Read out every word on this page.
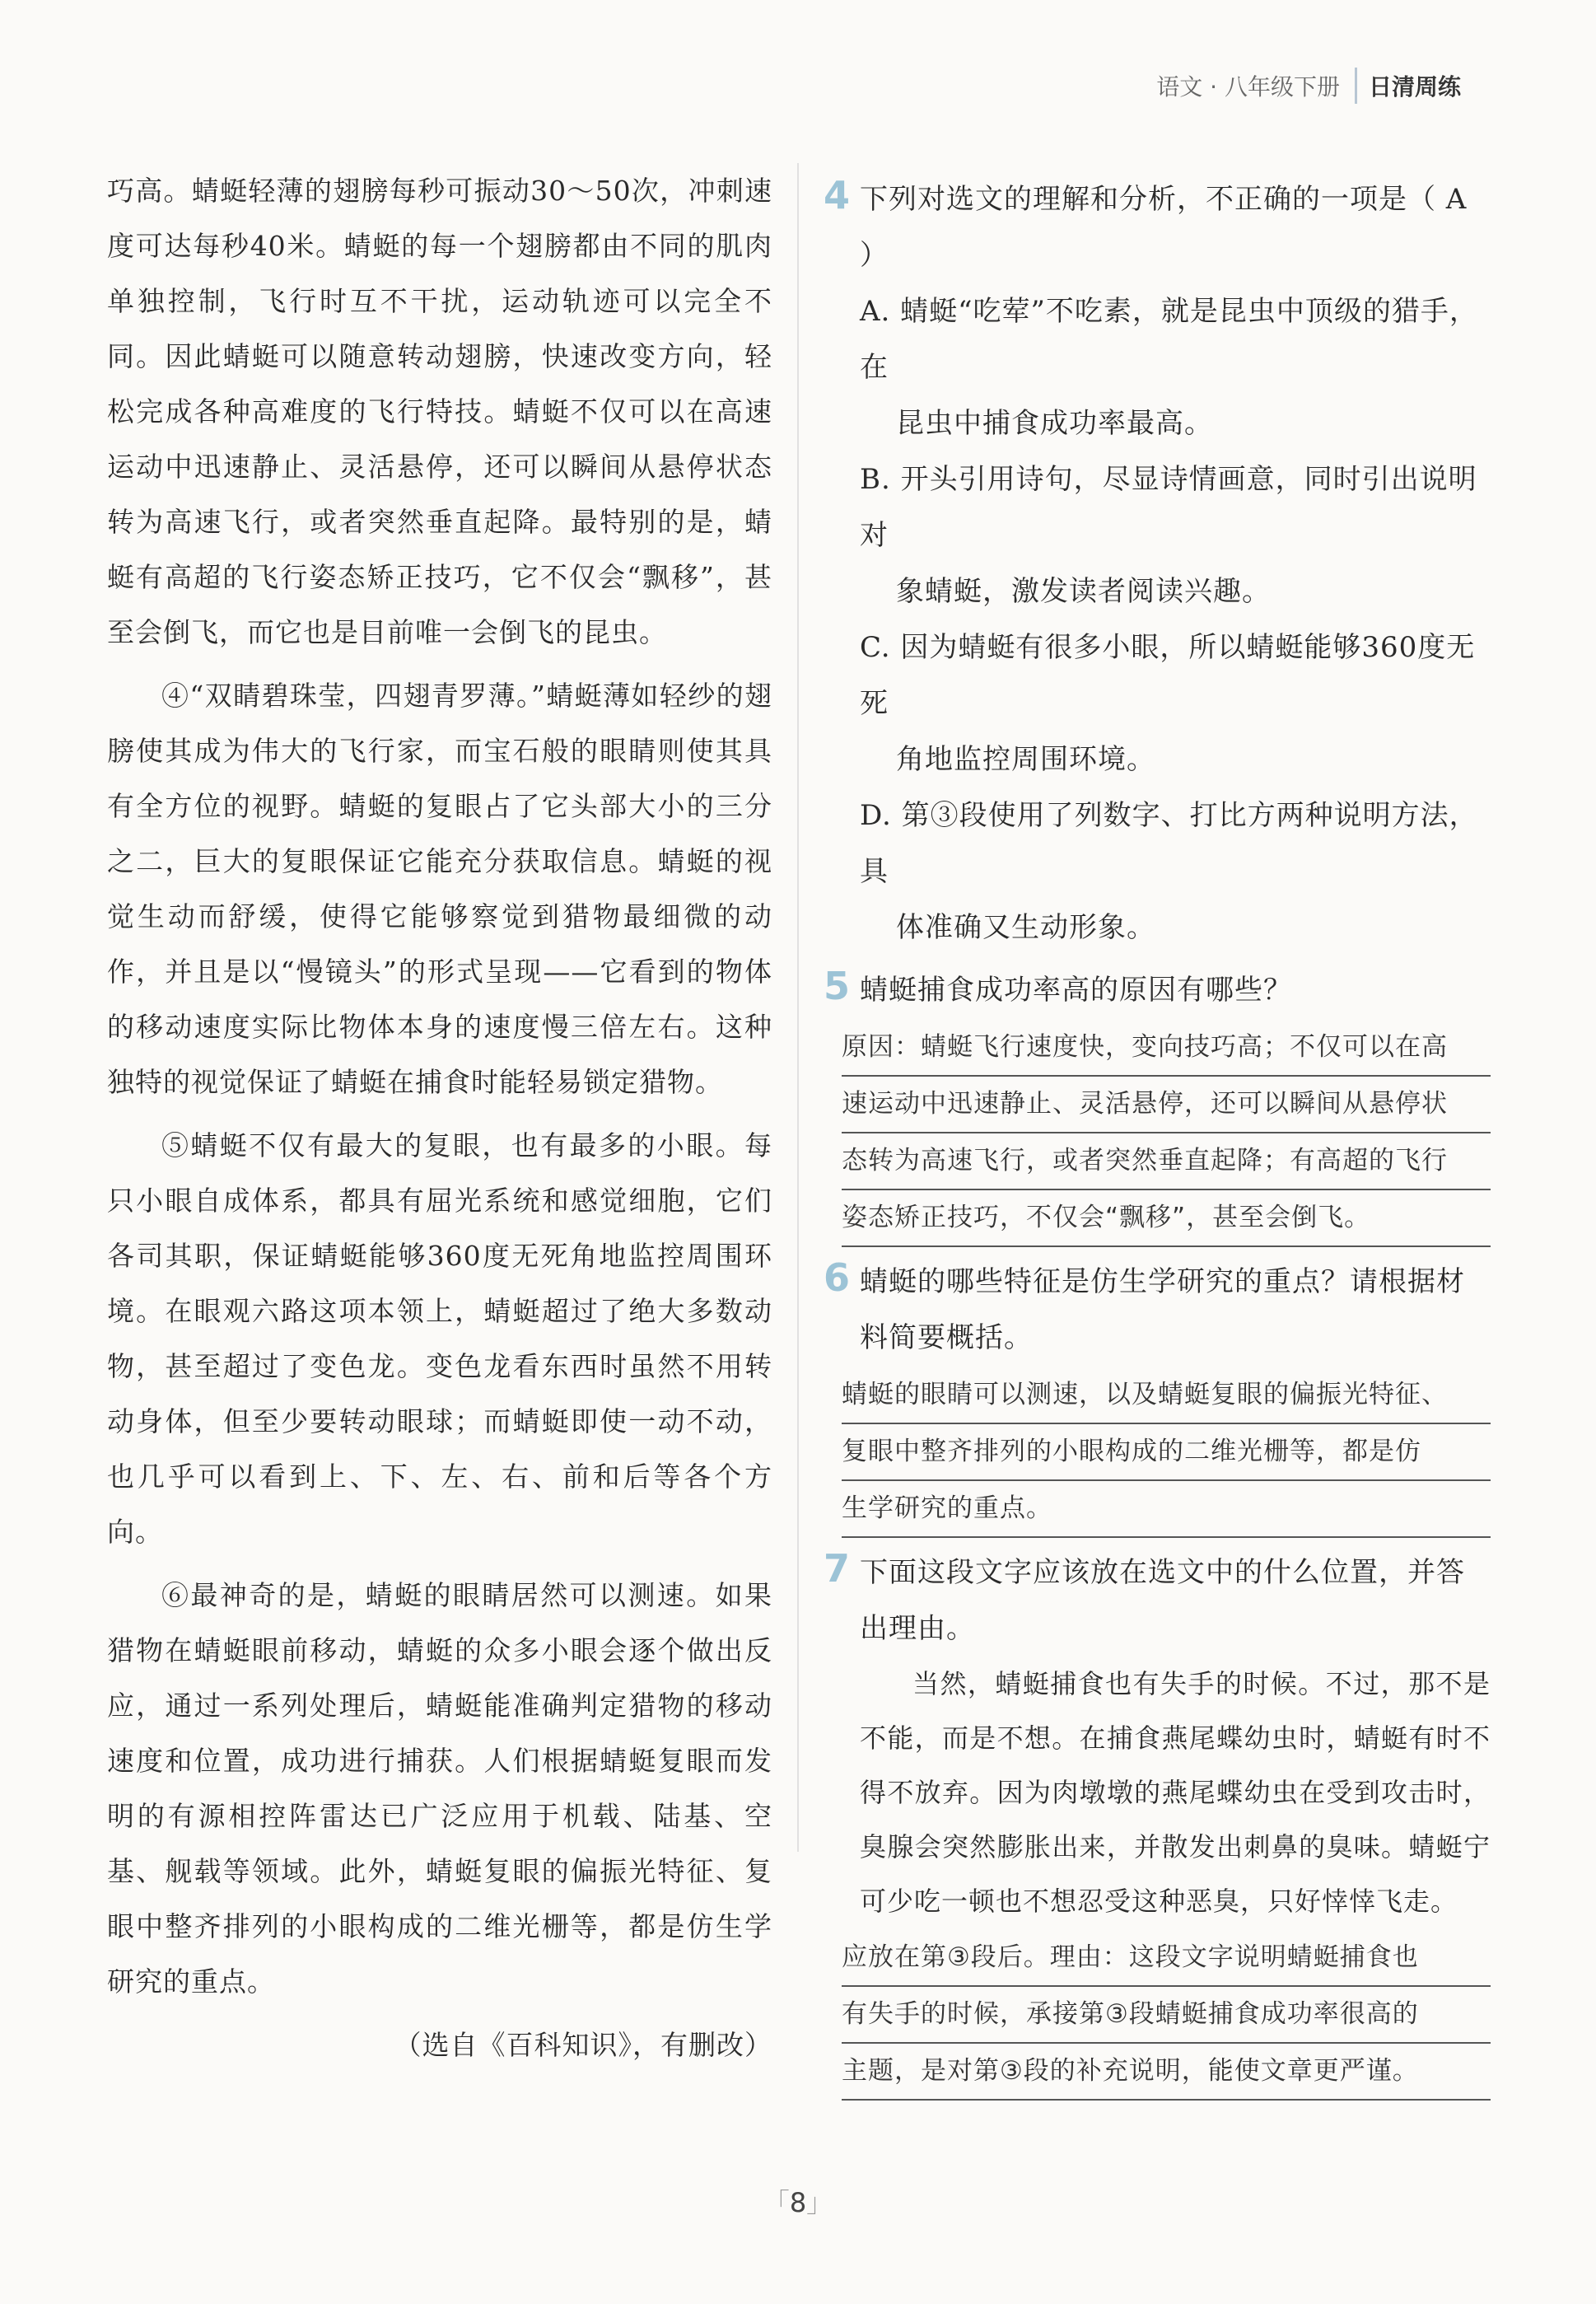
语文 · 八年级下册	日清周练

巧高。蜻蜓轻薄的翅膀每秒可振动30～50次，冲刺速度可达每秒40米。蜻蜓的每一个翅膀都由不同的肌肉单独控制，飞行时互不干扰，运动轨迹可以完全不同。因此蜻蜓可以随意转动翅膀，快速改变方向，轻松完成各种高难度的飞行特技。蜻蜓不仅可以在高速运动中迅速静止、灵活悬停，还可以瞬间从悬停状态转为高速飞行，或者突然垂直起降。最特别的是，蜻蜓有高超的飞行姿态矫正技巧，它不仅会“飘移”，甚至会倒飞，而它也是目前唯一会倒飞的昆虫。

④“双睛碧珠莹，四翅青罗薄。”蜻蜓薄如轻纱的翅膀使其成为伟大的飞行家，而宝石般的眼睛则使其具有全方位的视野。蜻蜓的复眼占了它头部大小的三分之二，巨大的复眼保证它能充分获取信息。蜻蜓的视觉生动而舒缓，使得它能够察觉到猎物最细微的动作，并且是以“慢镜头”的形式呈现——它看到的物体的移动速度实际比物体本身的速度慢三倍左右。这种独特的视觉保证了蜻蜓在捕食时能轻易锁定猎物。

⑤蜻蜓不仅有最大的复眼，也有最多的小眼。每只小眼自成体系，都具有屈光系统和感觉细胞，它们各司其职，保证蜻蜓能够360度无死角地监控周围环境。在眼观六路这项本领上，蜻蜓超过了绝大多数动物，甚至超过了变色龙。变色龙看东西时虽然不用转动身体，但至少要转动眼球；而蜻蜓即使一动不动，也几乎可以看到上、下、左、右、前和后等各个方向。

⑥最神奇的是，蜻蜓的眼睛居然可以测速。如果猎物在蜻蜓眼前移动，蜻蜓的众多小眼会逐个做出反应，通过一系列处理后，蜻蜓能准确判定猎物的移动速度和位置，成功进行捕获。人们根据蜻蜓复眼而发明的有源相控阵雷达已广泛应用于机载、陆基、空基、舰载等领域。此外，蜻蜓复眼的偏振光特征、复眼中整齐排列的小眼构成的二维光栅等，都是仿生学研究的重点。

（选自《百科知识》，有删改）

4 下列对选文的理解和分析，不正确的一项是（ A ）
A. 蜻蜓“吃荤”不吃素，就是昆虫中顶级的猎手，在
昆虫中捕食成功率最高。
B. 开头引用诗句，尽显诗情画意，同时引出说明对
象蜻蜓，激发读者阅读兴趣。
C. 因为蜻蜓有很多小眼，所以蜻蜓能够360度无死
角地监控周围环境。
D. 第③段使用了列数字、打比方两种说明方法，具
体准确又生动形象。
5 蜻蜓捕食成功率高的原因有哪些？
原因：蜻蜓飞行速度快，变向技巧高；不仅可以在高
速运动中迅速静止、灵活悬停，还可以瞬间从悬停状
态转为高速飞行，或者突然垂直起降；有高超的飞行
姿态矫正技巧，不仅会“飘移”，甚至会倒飞。
6 蜻蜓的哪些特征是仿生学研究的重点？请根据材料简要概括。
蜻蜓的眼睛可以测速，以及蜻蜓复眼的偏振光特征、
复眼中整齐排列的小眼构成的二维光栅等，都是仿
生学研究的重点。
7 下面这段文字应该放在选文中的什么位置，并答出理由。
当然，蜻蜓捕食也有失手的时候。不过，那不是不能，而是不想。在捕食燕尾蝶幼虫时，蜻蜓有时不得不放弃。因为肉墩墩的燕尾蝶幼虫在受到攻击时，臭腺会突然膨胀出来，并散发出刺鼻的臭味。蜻蜓宁可少吃一顿也不想忍受这种恶臭，只好悻悻飞走。
应放在第③段后。理由：这段文字说明蜻蜓捕食也
有失手的时候，承接第③段蜻蜓捕食成功率很高的
主题，是对第③段的补充说明，能使文章更严谨。
「8」
